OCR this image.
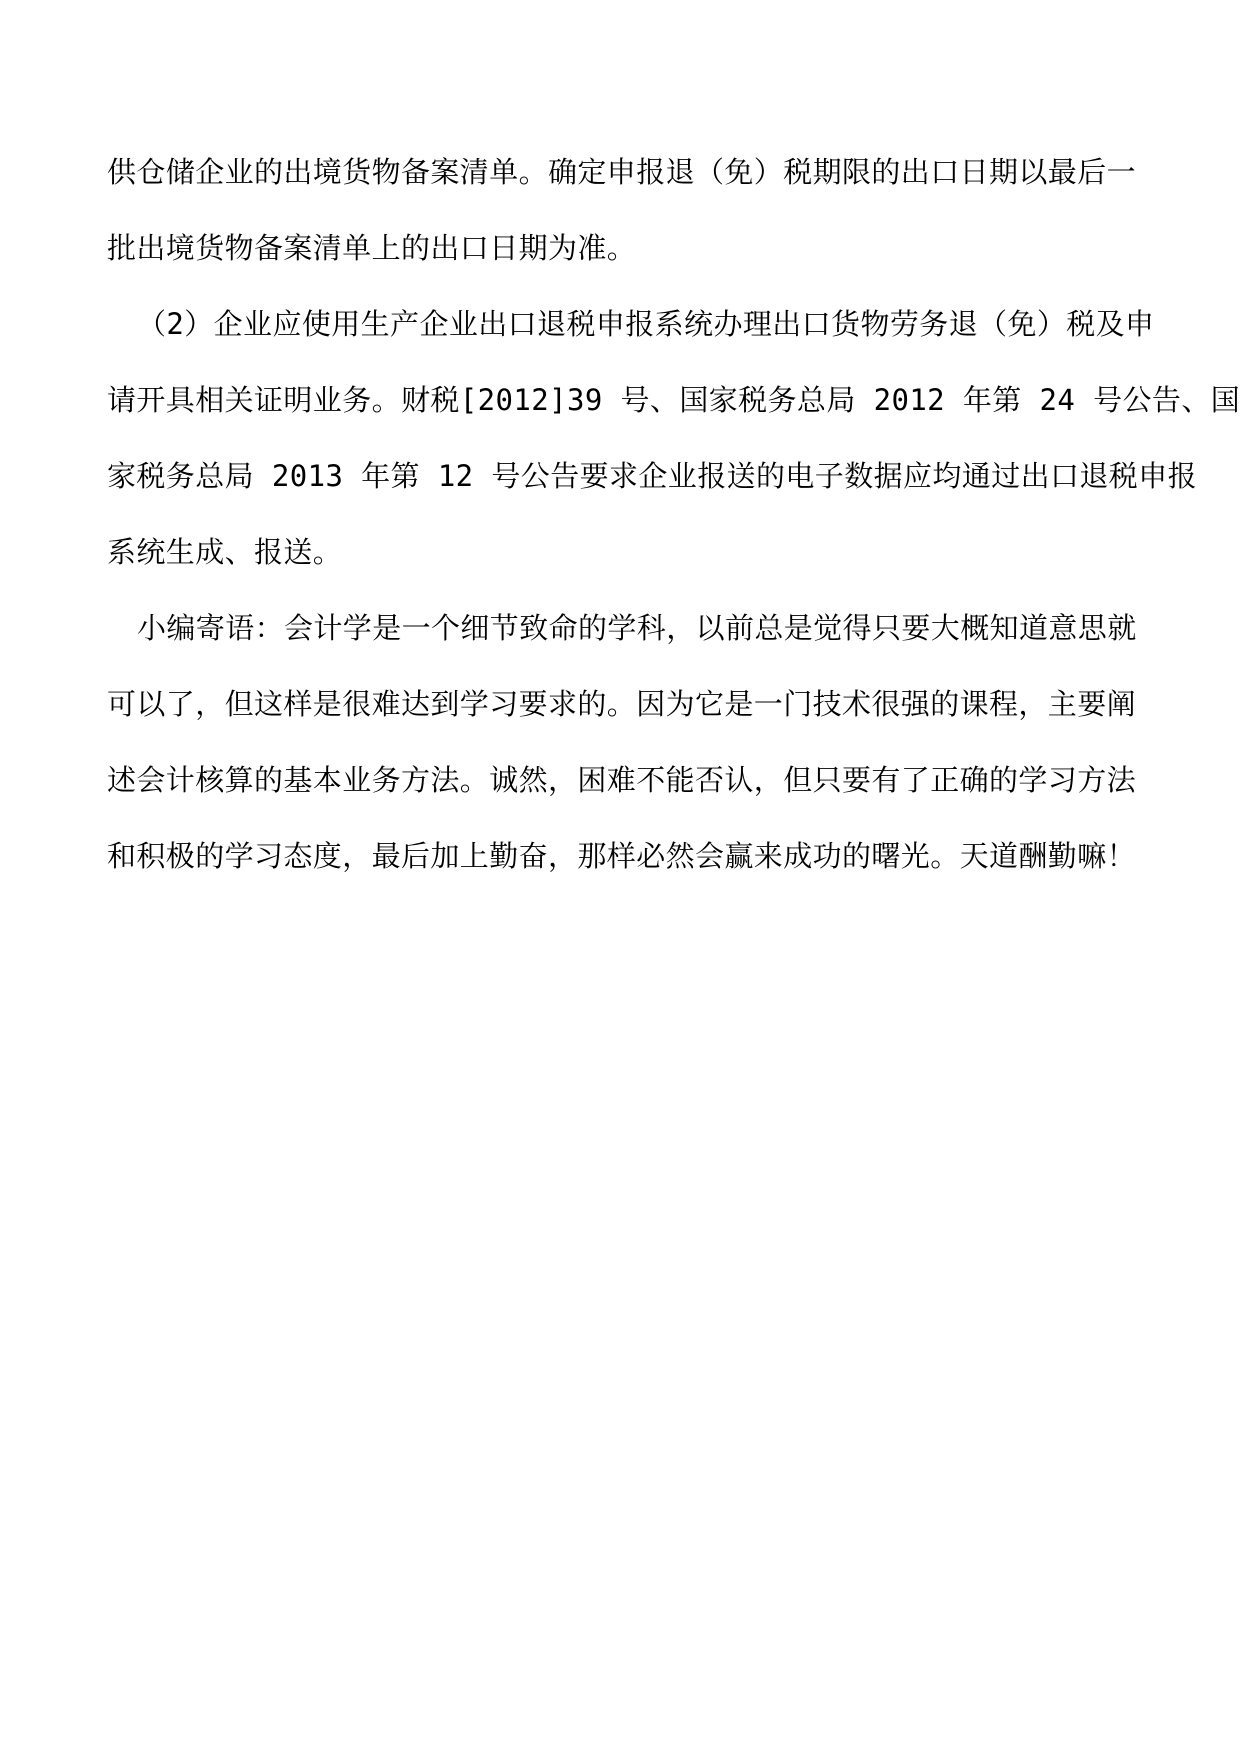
供仓储企业的出境货物备案清单。确定申报退（免）税期限的出口日期以最后一
批出境货物备案清单上的出口日期为准。
（2）企业应使用生产企业出口退税申报系统办理出口货物劳务退（免）税及申
请开具相关证明业务。财税[2012]39 号、国家税务总局 2012 年第 24 号公告、国
家税务总局 2013 年第 12 号公告要求企业报送的电子数据应均通过出口退税申报
系统生成、报送。
小编寄语：会计学是一个细节致命的学科，以前总是觉得只要大概知道意思就
可以了，但这样是很难达到学习要求的。因为它是一门技术很强的课程，主要阐
述会计核算的基本业务方法。诚然，困难不能否认，但只要有了正确的学习方法
和积极的学习态度，最后加上勤奋，那样必然会赢来成功的曙光。天道酬勤嘛！
